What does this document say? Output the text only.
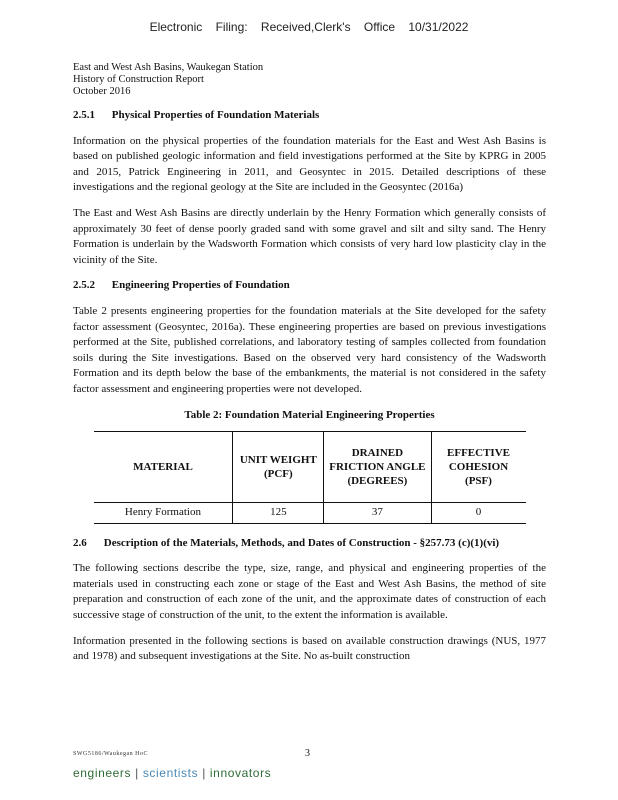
Electronic Filing: Received,Clerk's Office 10/31/2022
East and West Ash Basins, Waukegan Station
History of Construction Report
October 2016
2.5.1 Physical Properties of Foundation Materials

Information on the physical properties of the foundation materials for the East and West Ash Basins is based on published geologic information and field investigations performed at the Site by KPRG in 2005 and 2015, Patrick Engineering in 2011, and Geosyntec in 2015. Detailed descriptions of these investigations and the regional geology at the Site are included in the Geosyntec (2016a)

The East and West Ash Basins are directly underlain by the Henry Formation which generally consists of approximately 30 feet of dense poorly graded sand with some gravel and silt and silty sand. The Henry Formation is underlain by the Wadsworth Formation which consists of very hard low plasticity clay in the vicinity of the Site.

2.5.2 Engineering Properties of Foundation

Table 2 presents engineering properties for the foundation materials at the Site developed for the safety factor assessment (Geosyntec, 2016a). These engineering properties are based on previous investigations performed at the Site, published correlations, and laboratory testing of samples collected from foundation soils during the Site investigations. Based on the observed very hard consistency of the Wadsworth Formation and its depth below the base of the embankments, the material is not considered in the safety factor assessment and engineering properties were not developed.

Table 2: Foundation Material Engineering Properties
MATERIAL	UNIT WEIGHT (PCF)	DRAINED FRICTION ANGLE (DEGREES)	EFFECTIVE COHESION (PSF)
Henry Formation	125	37	0
2.6 Description of the Materials, Methods, and Dates of Construction - §257.73 (c)(1)(vi)

The following sections describe the type, size, range, and physical and engineering properties of the materials used in constructing each zone or stage of the East and West Ash Basins, the method of site preparation and construction of each zone of the unit, and the approximate dates of construction of each successive stage of construction of the unit, to the extent the information is available.

Information presented in the following sections is based on available construction drawings (NUS, 1977 and 1978) and subsequent investigations at the Site. No as-built construction

SWG5186/Waukegan HoC	3
engineers | scientists | innovators
